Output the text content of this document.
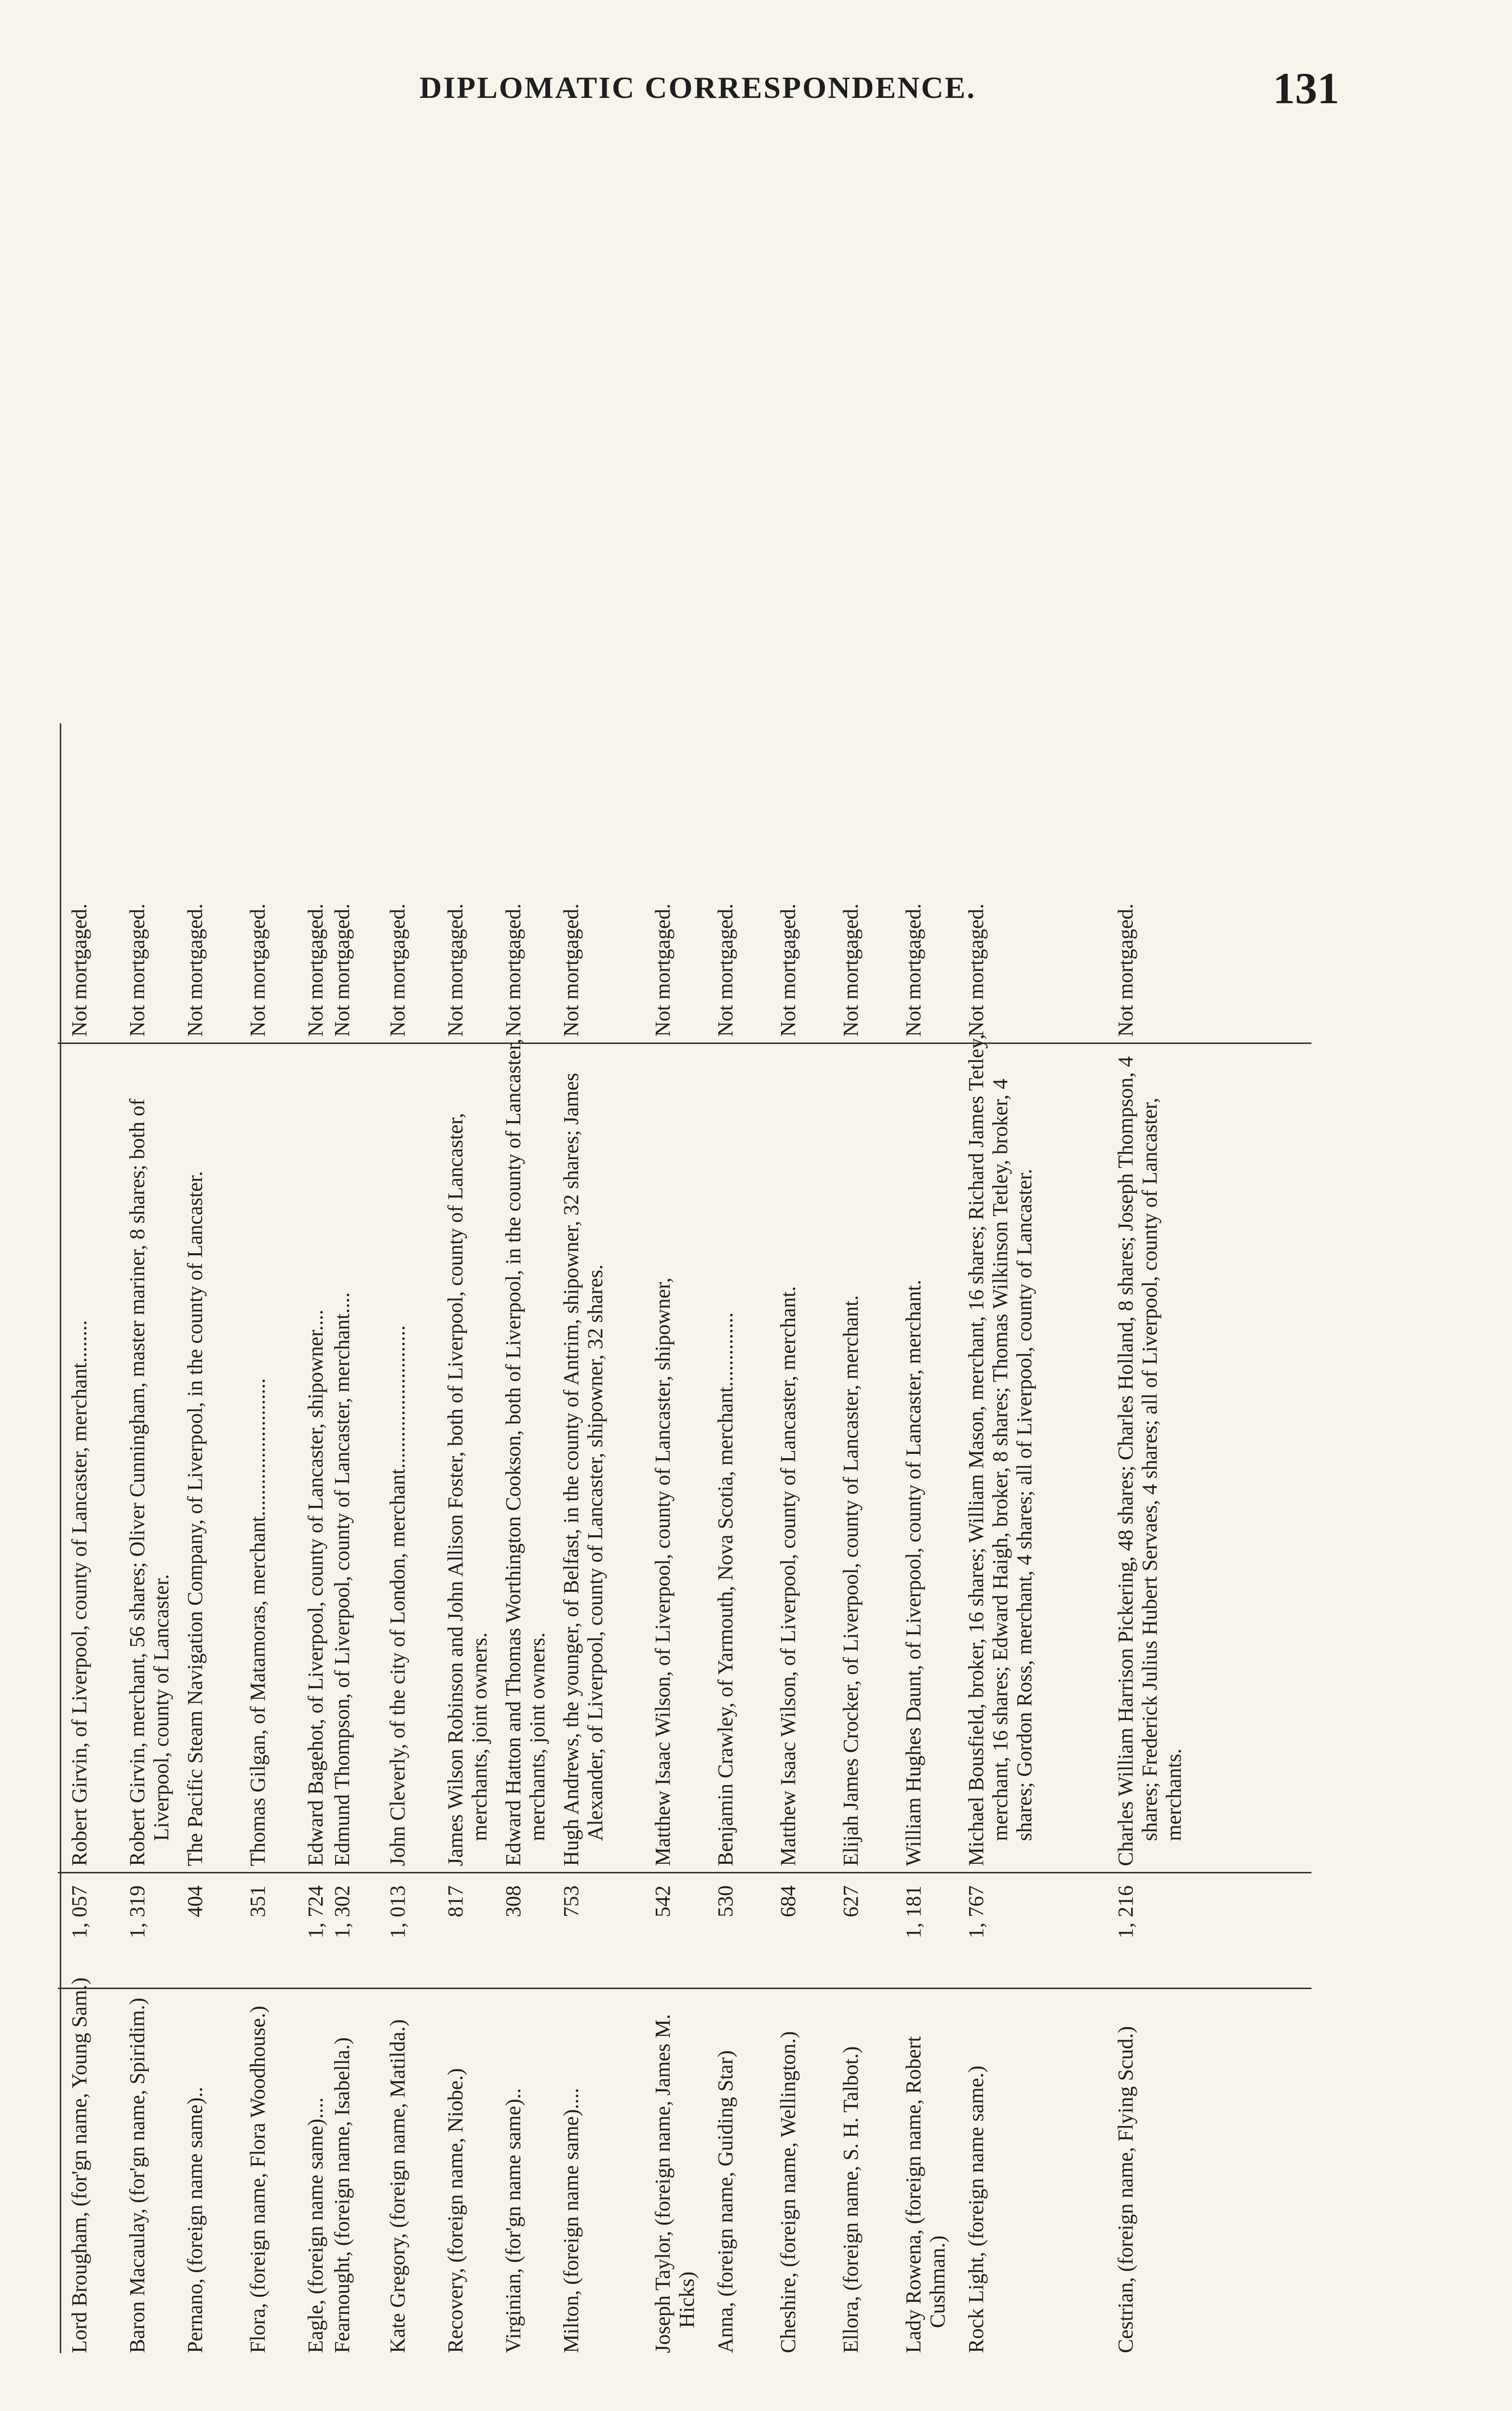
DIPLOMATIC CORRESPONDENCE.	131

Lord Brougham, (for'gn name, Young Sam.)

1, 057

Robert Girvin, of Liverpool, county of Lancaster, merchant........

Not mortgaged.

Baron Macaulay, (for'gn name, Spiridim.)

1, 319

Robert Girvin, merchant, 56 shares; Oliver Cunningham, master mariner, 8 shares; both of Liverpool, county of Lancaster.

Not mortgaged.

Pernano, (foreign name same)..

404

The Pacific Steam Navigation Company, of Liverpool, in the county of Lancaster.

Not mortgaged.

Flora, (foreign name, Flora Woodhouse.)

351

Thomas Gilgan, of Matamoras, merchant..........................

Not mortgaged.

Eagle, (foreign name same)....

1, 724

Edward Bagehot, of Liverpool, county of Lancaster, shipowner....

Not mortgaged.

Fearnought, (foreign name, Isabella.)

1, 302

Edmund Thompson, of Liverpool, county of Lancaster, merchant....

Not mortgaged.

Kate Gregory, (foreign name, Matilda.)

1, 013

John Cleverly, of the city of London, merchant...........................

Not mortgaged.

Recovery, (foreign name, Niobe.)

817

James Wilson Robinson and John Allison Foster, both of Liverpool, county of Lancaster, merchants, joint owners.

Not mortgaged.

Virginian, (for'gn name same)..

308

Edward Hatton and Thomas Worthington Cookson, both of Liverpool, in the county of Lancaster, merchants, joint owners.

Not mortgaged.

Milton, (foreign name same)....

753

Hugh Andrews, the younger, of Belfast, in the county of Antrim, shipowner, 32 shares; James Alexander, of Liverpool, county of Lancaster, shipowner, 32 shares.

Not mortgaged.

Joseph Taylor, (foreign name, James M. Hicks)

542

Matthew Isaac Wilson, of Liverpool, county of Lancaster, shipowner,

Not mortgaged.

Anna, (foreign name, Guiding Star)

530

Benjamin Crawley, of Yarmouth, Nova Scotia, merchant..............

Not mortgaged.

Cheshire, (foreign name, Wellington.)

684

Matthew Isaac Wilson, of Liverpool, county of Lancaster, merchant.

Not mortgaged.

Ellora, (foreign name, S. H. Talbot.)

627

Elijah James Crocker, of Liverpool, county of Lancaster, merchant.

Not mortgaged.

Lady Rowena, (foreign name, Robert Cushman.)

1, 181

William Hughes Daunt, of Liverpool, county of Lancaster, merchant.

Not mortgaged.

Rock Light, (foreign name same.)

1, 767

Michael Bousfield, broker, 16 shares; William Mason, merchant, 16 shares; Richard James Tetley, merchant, 16 shares; Edward Haigh, broker, 8 shares; Thomas Wilkinson Tetley, broker, 4 shares; Gordon Ross, merchant, 4 shares; all of Liverpool, county of Lancaster.

Not mortgaged.

Cestrian, (foreign name, Flying Scud.)

1, 216

Charles William Harrison Pickering, 48 shares; Charles Holland, 8 shares; Joseph Thompson, 4 shares; Frederick Julius Hubert Servaes, 4 shares; all of Liverpool, county of Lancaster, merchants.

Not mortgaged.
